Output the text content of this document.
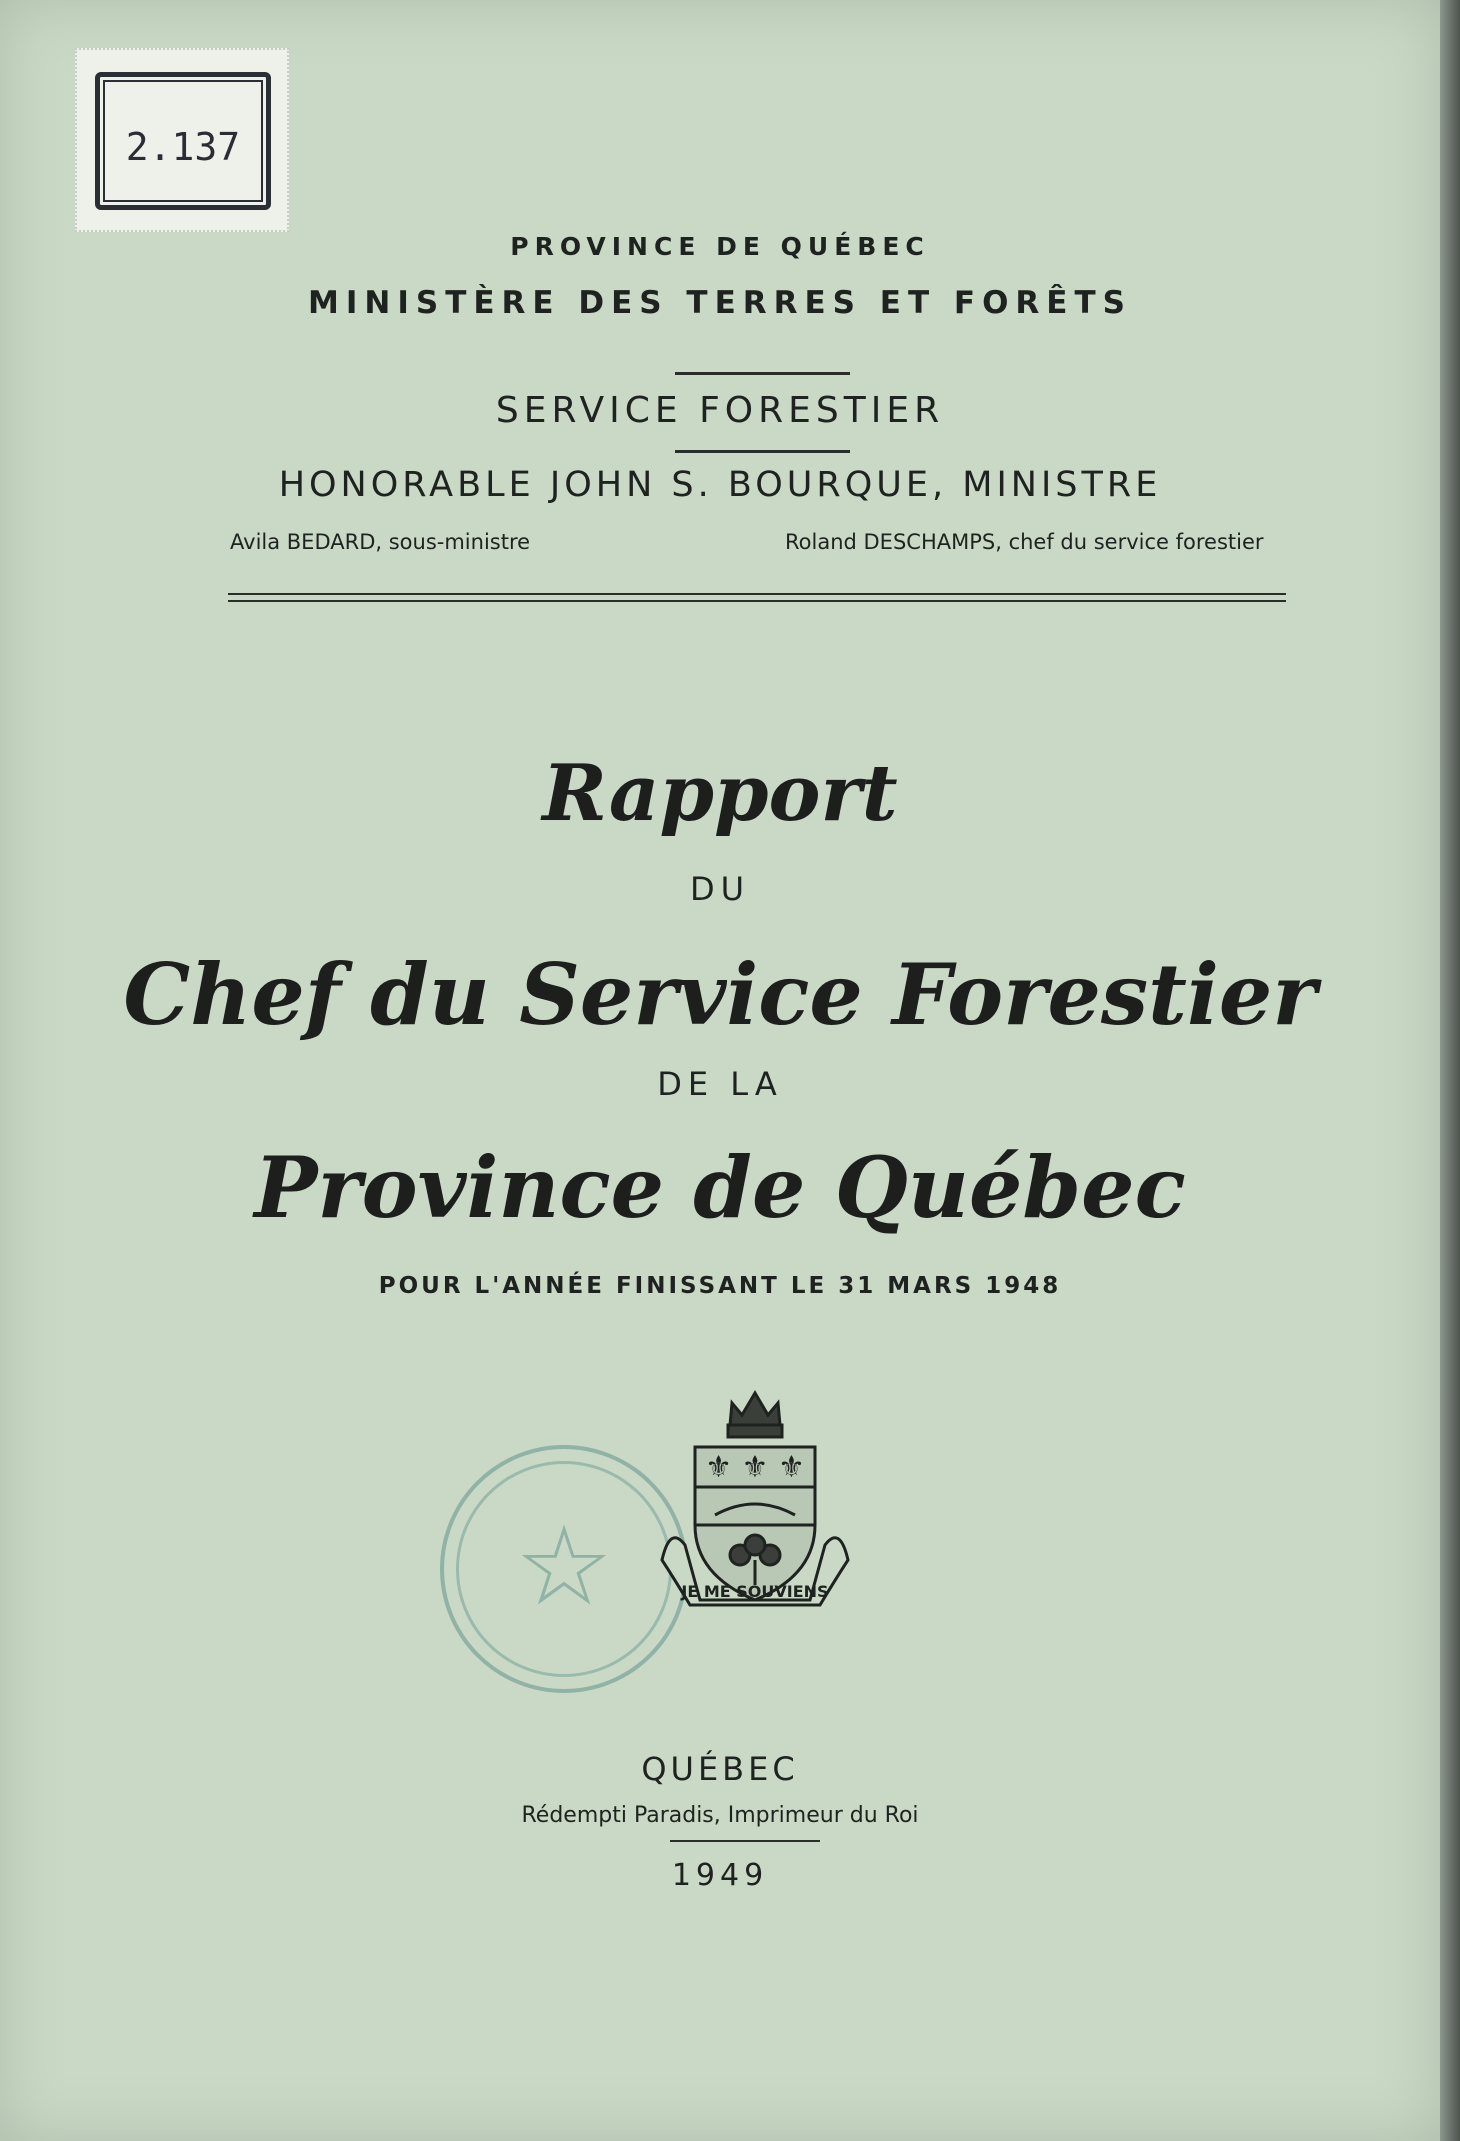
2.137
PROVINCE DE QUÉBEC
MINISTÈRE DES TERRES ET FORÊTS
SERVICE FORESTIER
HONORABLE JOHN S. BOURQUE, MINISTRE
Avila BEDARD, sous-ministre	Roland DESCHAMPS, chef du service forestier
Rapport
DU
Chef du Service Forestier
DE LA
Province de Québec
POUR L'ANNÉE FINISSANT LE 31 MARS 1948
☆
⚜ ⚜ ⚜
JE ME SOUVIENS
QUÉBEC
Rédempti Paradis, Imprimeur du Roi
1949
